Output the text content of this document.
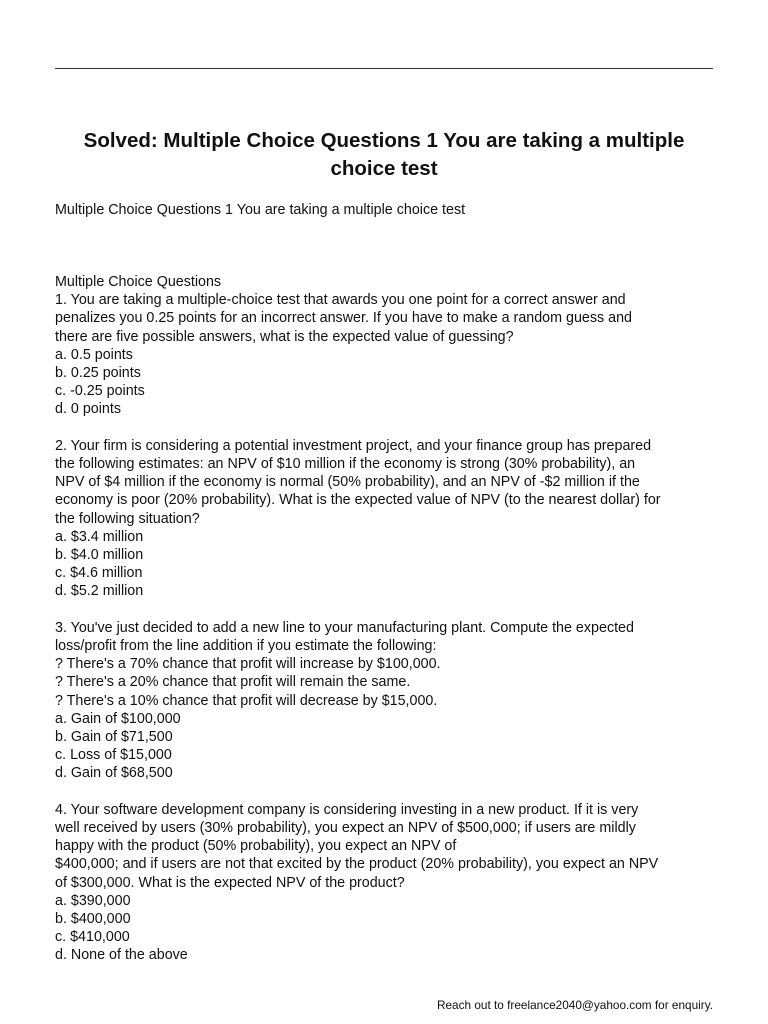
Solved: Multiple Choice Questions 1 You are taking a multiple choice test
Multiple Choice Questions 1 You are taking a multiple choice test
Multiple Choice Questions
1. You are taking a multiple-choice test that awards you one point for a correct answer and
penalizes you 0.25 points for an incorrect answer. If you have to make a random guess and
there are five possible answers, what is the expected value of guessing?
a. 0.5 points
b. 0.25 points
c. -0.25 points
d. 0 points
2. Your firm is considering a potential investment project, and your finance group has prepared
the following estimates: an NPV of $10 million if the economy is strong (30% probability), an
NPV of $4 million if the economy is normal (50% probability), and an NPV of -$2 million if the
economy is poor (20% probability). What is the expected value of NPV (to the nearest dollar) for
the following situation?
a. $3.4 million
b. $4.0 million
c. $4.6 million
d. $5.2 million
3. You've just decided to add a new line to your manufacturing plant. Compute the expected
loss/profit from the line addition if you estimate the following:
? There's a 70% chance that profit will increase by $100,000.
? There's a 20% chance that profit will remain the same.
? There's a 10% chance that profit will decrease by $15,000.
a. Gain of $100,000
b. Gain of $71,500
c. Loss of $15,000
d. Gain of $68,500
4. Your software development company is considering investing in a new product. If it is very
well received by users (30% probability), you expect an NPV of $500,000; if users are mildly
happy with the product (50% probability), you expect an NPV of
$400,000; and if users are not that excited by the product (20% probability), you expect an NPV
of $300,000. What is the expected NPV of the product?
a. $390,000
b. $400,000
c. $410,000
d. None of the above
Reach out to freelance2040@yahoo.com for enquiry.
